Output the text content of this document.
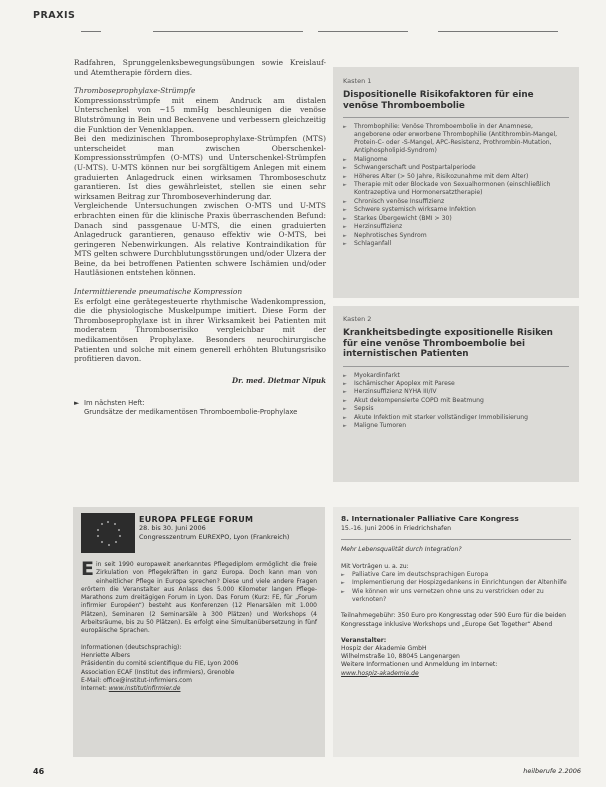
PRAXIS

Radfahren, Sprunggelenksbewegungsübungen sowie Kreislauf- und Atemtherapie fördern dies.

Thromboseprophylaxe-Strümpfe

Kompressionsstrümpfe mit einem Andruck am distalen Unterschenkel von ~15 mmHg beschleunigen die venöse Blutströmung in Bein und Beckenvene und verbessern gleichzeitig die Funktion der Venenklappen.

Bei den medizinischen Thromboseprophylaxe-Strümpfen (MTS) unterscheidet man zwischen Oberschenkel-Kompressionsstrümpfen (O-MTS) und Unterschenkel-Strümpfen (U-MTS). U-MTS können nur bei sorgfältigem Anlegen mit einem graduierten Anlagedruck einen wirksamen Thromboseschutz garantieren. Ist dies gewährleistet, stellen sie einen sehr wirksamen Beitrag zur Thromboseverhinderung dar.

Vergleichende Untersuchungen zwischen O-MTS und U-MTS erbrachten einen für die klinische Praxis überraschenden Befund: Danach sind passgenaue U-MTS, die einen graduierten Anlagedruck garantieren, genauso effektiv wie O-MTS, bei geringeren Nebenwirkungen. Als relative Kontraindikation für MTS gelten schwere Durchblutungsstörungen und/oder Ulzera der Beine, da bei betroffenen Patienten schwere Ischämien und/oder Hautläsionen entstehen können.

Intermittierende pneumatische Kompression

Es erfolgt eine gerätegesteuerte rhythmische Wadenkompression, die die physiologische Muskelpumpe imitiert. Diese Form der Thromboseprophylaxe ist in ihrer Wirksamkeit bei Patienten mit moderatem Thromboserisiko vergleichbar mit der medikamentösen Prophylaxe. Besonders neurochirurgische Patienten und solche mit einem generell erhöhten Blutungsrisiko profitieren davon.

Dr. med. Dietmar Nipuk

► Im nächsten Heft:
Grundsätze der medikamentösen Thromboembolie-Prophylaxe
Kasten 1
Dispositionelle Risikofaktoren für eine venöse Thromboembolie
► Thrombophilie: Venöse Thromboembolie in der Anamnese, angeborene oder erworbene Thrombophilie (Antithrombin-Mangel, Protein-C- oder -S-Mangel, APC-Resistenz, Prothrombin-Mutation, Antiphospholipid-Syndrom)
► Malignome
► Schwangerschaft und Postpartalperiode
► Höheres Alter (> 50 Jahre, Risikozunahme mit dem Alter)
► Therapie mit oder Blockade von Sexualhormonen (einschließlich Kontrazeptiva und Hormonersatztherapie)
► Chronisch venöse Insuffizienz
► Schwere systemisch wirksame Infektion
► Starkes Übergewicht (BMI > 30)
► Herzinsuffizienz
► Nephrotisches Syndrom
► Schlaganfall
Kasten 2
Krankheitsbedingte expositionelle Risiken für eine venöse Thromboembolie bei internistischen Patienten
► Myokardinfarkt
► Ischämischer Apoplex mit Parese
► Herzinsuffizienz NYHA III/IV
► Akut dekompensierte COPD mit Beatmung
► Sepsis
► Akute Infektion mit starker vollständiger Immobilisierung
► Maligne Tumoren
EUROPA PFLEGE FORUM
28. bis 30. Juni 2006
Congresszentrum EUREXPO, Lyon (Frankreich)
Ein seit 1990 europaweit anerkanntes Pflegediplom ermöglicht die freie Zirkulation von Pflegekräften in ganz Europa. Doch kann man von einheitlicher Pflege in Europa sprechen? Diese und viele andere Fragen erörtern die Veranstalter aus Anlass des 5.000 Kilometer langen Pflege-Marathons zum dreitägigen Forum in Lyon. Das Forum (Kurz: FE, für „Forum infirmier Européen“) besteht aus Konferenzen (12 Plenarsälen mit 1.000 Plätzen), Seminaren (2 Seminarsäle à 300 Plätzen) und Workshops (4 Arbeitsräume, bis zu 50 Plätzen). Es erfolgt eine Simultanübersetzung in fünf europäische Sprachen.
Informationen (deutschsprachig):
Henriette Albers
Präsidentin du comité scientifique du FIE, Lyon 2006
Association ECAF (Institut des infirmiers), Grenoble
E-Mail: office@institut-infirmiers.com
Internet: www.institutinfirmier.de
8. Internationaler Palliative Care Kongress
15.-16. Juni 2006 in Friedrichshafen
Mehr Lebensqualität durch Integration?
Mit Vorträgen u. a. zu:
► Palliative Care im deutschsprachigen Europa
► Implementierung der Hospizgedankens in Einrichtungen der Altenhilfe
► Wie können wir uns vernetzen ohne uns zu verstricken oder zu verknoten?
Teilnahmegebühr: 350 Euro pro Kongresstag oder 590 Euro für die beiden Kongresstage inklusive Workshops und „Europe Get Together“ Abend
Veranstalter:
Hospiz der Akademie GmbH
Wilhelmstraße 10, 88045 Langenargen
Weitere Informationen und Anmeldung im Internet:
www.hospiz-akademie.de
46	heilberufe 2.2006
